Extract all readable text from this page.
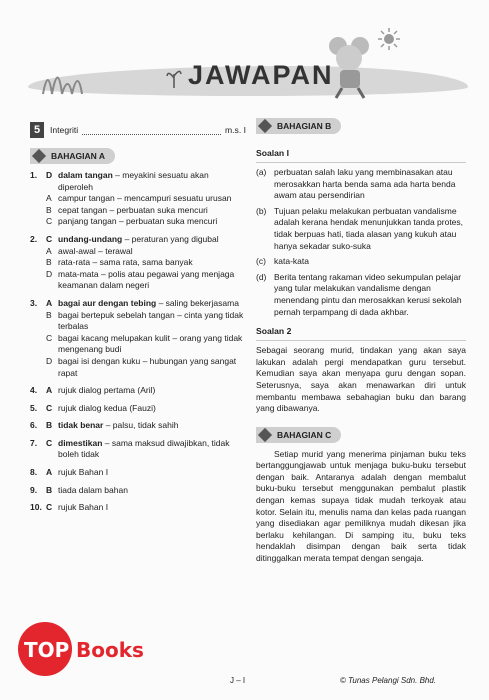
JAWAPAN
5	Integriti	m.s. I
BAHAGIAN A
1.	D dalam tangan – meyakini sesuatu akan diperoleh
A campur tangan – mencampuri sesuatu urusan
B cepat tangan – perbuatan suka mencuri
C panjang tangan – perbuatan suka mencuri
2.	C undang-undang – peraturan yang digubal
A awal-awal – terawal
B rata-rata – sama rata, sama banyak
D mata-mata – polis atau pegawai yang menjaga keamanan dalam negeri
3.	A bagai aur dengan tebing – saling bekerjasama
B bagai bertepuk sebelah tangan – cinta yang tidak terbalas
C bagai kacang melupakan kulit – orang yang tidak mengenang budi
D bagai isi dengan kuku – hubungan yang sangat rapat
4.	A rujuk dialog pertama (Aril)
5.	C rujuk dialog kedua (Fauzi)
6.	B tidak benar – palsu, tidak sahih
7.	C dimestikan – sama maksud diwajibkan, tidak boleh tidak
8.	A rujuk Bahan I
9.	B tiada dalam bahan
10. C rujuk Bahan I
BAHAGIAN B
Soalan I
(a) perbuatan salah laku yang membinasakan atau merosakkan harta benda sama ada harta benda awam atau persendirian
(b) Tujuan pelaku melakukan perbuatan vandalisme adalah kerana hendak menunjukkan tanda protes, tidak berpuas hati, tiada alasan yang kukuh atau hanya sekadar suko-suka
(c) kata-kata
(d) Berita tentang rakaman video sekumpulan pelajar yang tular melakukan vandalisme dengan menendang pintu dan merosakkan kerusi sekolah pernah terpampang di dada akhbar.
Soalan 2
Sebagai seorang murid, tindakan yang akan saya lakukan adalah pergi mendapatkan guru tersebut. Kemudian saya akan menyapa guru dengan sopan. Seterusnya, saya akan menawarkan diri untuk membantu membawa sebahagian buku dan barang yang dibawanya.
BAHAGIAN C
Setiap murid yang menerima pinjaman buku teks bertanggungjawab untuk menjaga buku-buku tersebut dengan baik. Antaranya adalah dengan membalut buku-buku tersebut menggunakan pembalut plastik dengan kemas supaya tidak mudah terkoyak atau kotor. Selain itu, menulis nama dan kelas pada ruangan yang disediakan agar pemiliknya mudah dikesan jika berlaku kehilangan. Di samping itu, buku teks hendaklah disimpan dengan baik serta tidak ditinggalkan merata tempat dengan sengaja.
J – I	© Tunas Pelangi Sdn. Bhd.
TOP Books
